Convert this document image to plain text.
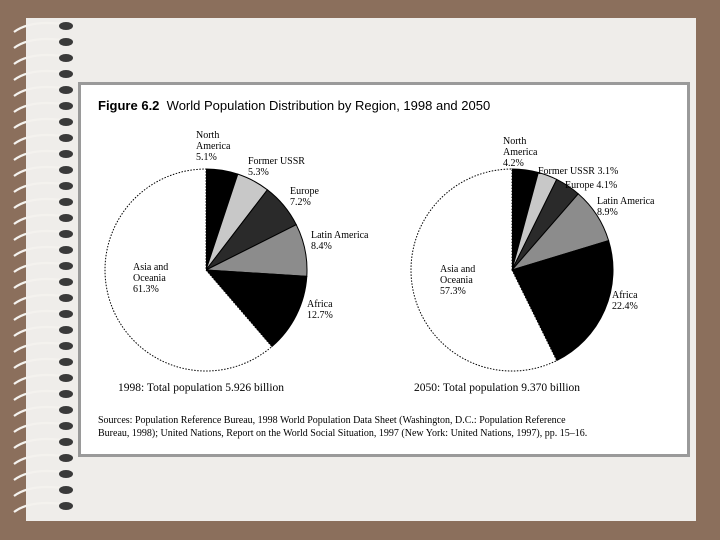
Figure 6.2 World Population Distribution by Region, 1998 and 2050
North America 5.1%	Former USSR 5.3%
Europe 7.2%
Latin America 8.4%
Africa 12.7%
Asia and Oceania 61.3%
1998: Total population 5.926 billion
North America 4.2%
Former USSR 3.1%
Europe 4.1%
Latin America 8.9%
Africa 22.4%
Asia and Oceania 57.3%
2050: Total population 9.370 billion
Sources: Population Reference Bureau, 1998 World Population Data Sheet (Washington, D.C.: Population Reference
Bureau, 1998); United Nations, Report on the World Social Situation, 1997 (New York: United Nations, 1997), pp. 15–16.
